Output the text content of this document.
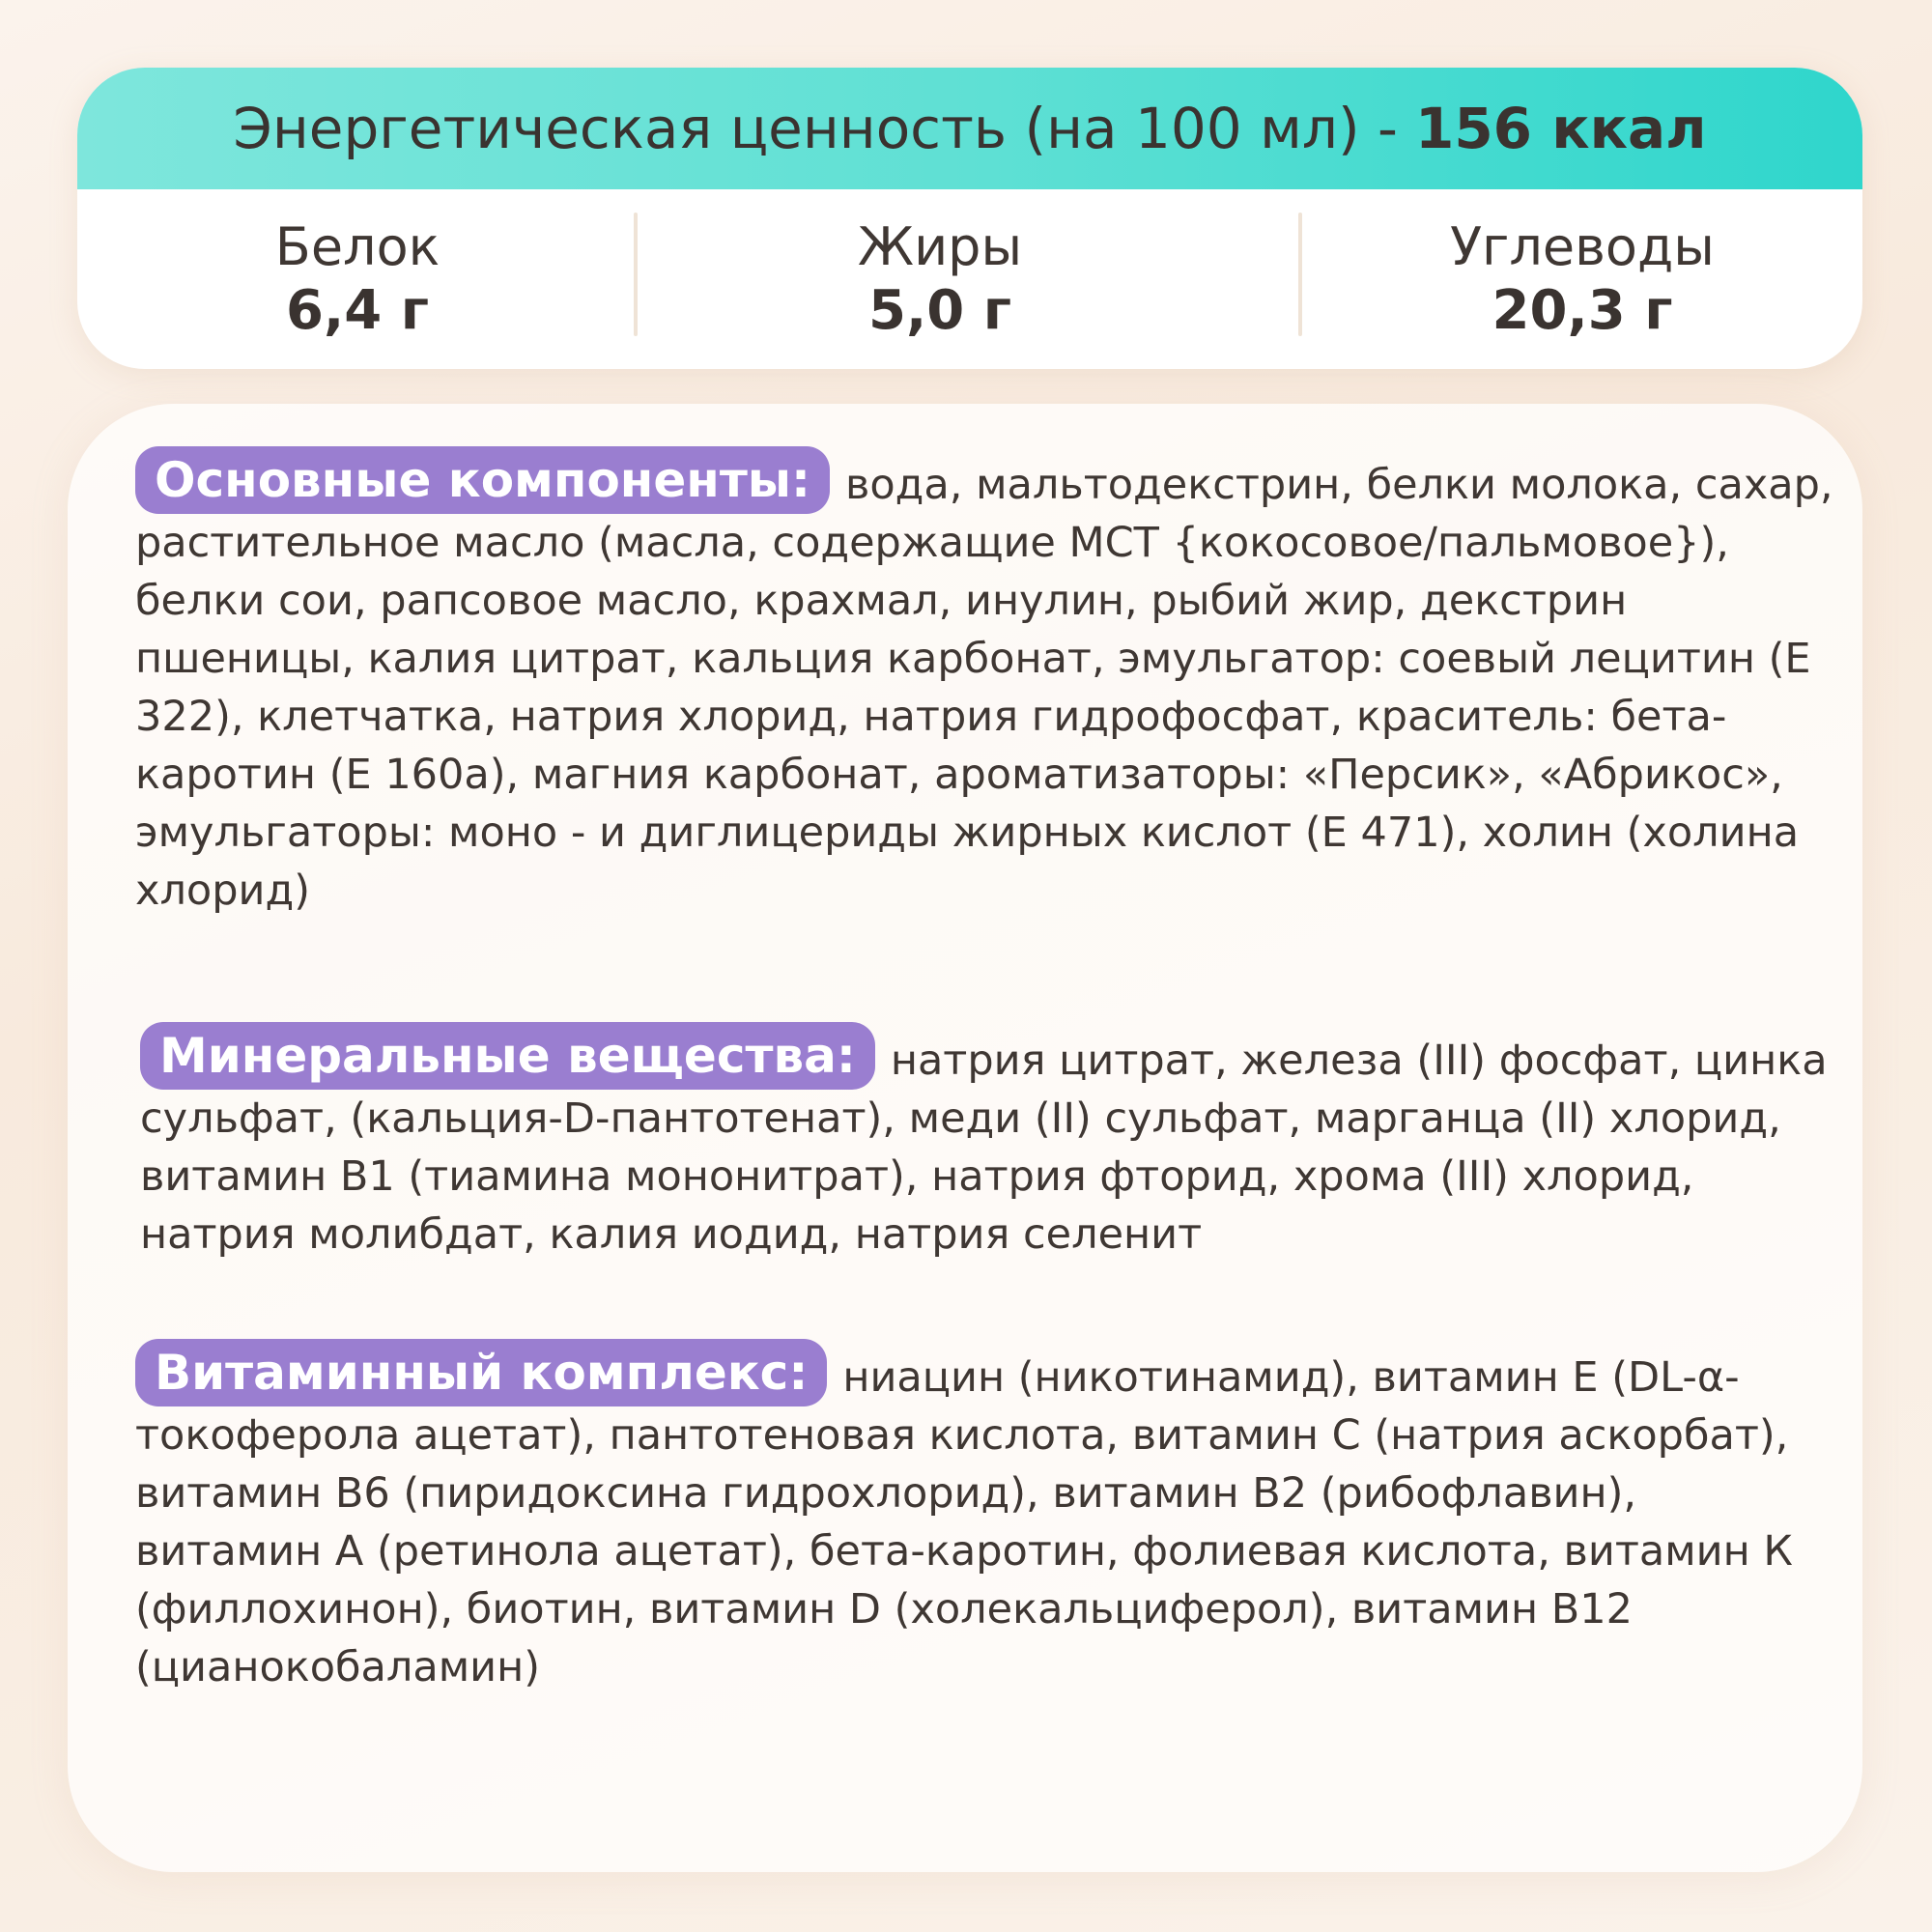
Энергетическая ценность (на 100 мл) - 156 ккал
Белок
6,4 г
Жиры
5,0 г
Углеводы
20,3 г
Основные компоненты: вода, мальтодекстрин, белки молока, сахар, растительное масло (масла, содержащие МСТ {кокосовое/пальмовое}), белки сои, рапсовое масло, крахмал, инулин, рыбий жир, декстрин пшеницы, калия цитрат, кальция карбонат, эмульгатор: соевый лецитин (Е 322), клетчатка, натрия хлорид, натрия гидрофосфат, краситель: бета-каротин (Е 160а), магния карбонат, ароматизаторы: «Персик», «Абрикос», эмульгаторы: моно - и диглицериды жирных кислот (Е 471), холин (холина хлорид)
Минеральные вещества: натрия цитрат, железа (III) фосфат, цинка сульфат, (кальция-D-пантотенат), меди (II) сульфат, марганца (II) хлорид, витамин В1 (тиамина мононитрат), натрия фторид, хрома (III) хлорид, натрия молибдат, калия иодид, натрия селенит
Витаминный комплекс: ниацин (никотинамид), витамин Е (DL-α-токоферола ацетат), пантотеновая кислота, витамин С (натрия аскорбат), витамин В6 (пиридоксина гидрохлорид), витамин В2 (рибофлавин), витамин А (ретинола ацетат), бета-каротин, фолиевая кислота, витамин К (филлохинон), биотин, витамин D (холекальциферол), витамин В12 (цианокобаламин)
